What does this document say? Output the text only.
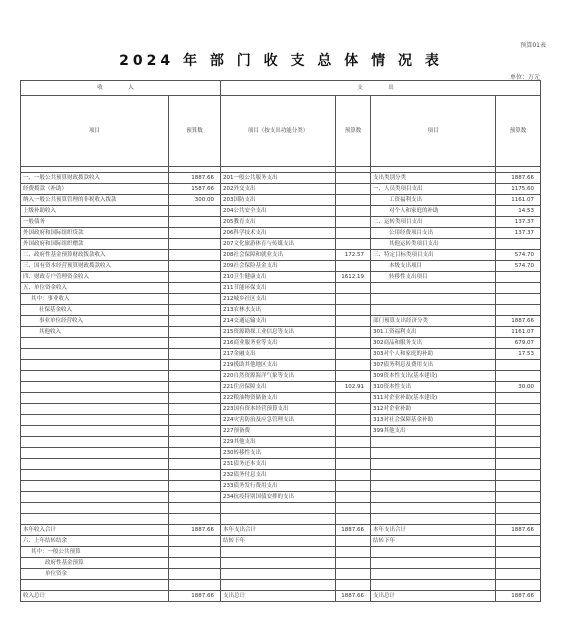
预算01表
2024 年 部 门 收 支 总 体 情 况 表
单位：万元
收　入		支　出			
项目	预算数	项目（按支出功能分类）	预算数	项目	预算数

一、一般公共预算财政拨款收入	1887.66	201一般公共服务支出		支出类别分类	1887.66
经费拨款（补助）	1587.66	202外交支出		一、人员类项目支出	1175.60
纳入一般公共预算管理的非税收入拨款	300.00	203国防支出		工资福利支出	1161.07
上级补助收入		204公共安全支出		对个人和家庭的补助	14.53
一般债务		205教育支出		二、运转类项目支出	137.37
外国政府和国际组织贷款		206科学技术支出		公用经费项目支出	137.37
外国政府和国际组织赠款		207文化旅游体育与传媒支出		其他运转类项目支出	
二、政府性基金预算财政拨款收入		208社会保障和就业支出	172.57	三、特定目标类项目支出	574.70
三、国有资本经营预算财政拨款收入		209社会保险基金支出		本级支出项目	574.70
四、财政专户管理资金收入		210卫生健康支出	1612.19	转移性支出项目	
五、单位资金收入		211节能环保支出			
其中：事业收入		212城乡社区支出			
社保基金收入		213农林水支出			
事业单位经营收入		214交通运输支出		部门预算支出经济分类	1887.66
其他收入		215资源勘探工业信息等支出		301工资福利支出	1161.07
		216商业服务业等支出		302商品和服务支出	679.07
		217金融支出		303对个人和家庭的补助	17.53
		219援助其他地区支出		307债务利息及费用支出	
		220自然资源海洋气象等支出		309资本性支出(基本建设)	
		221住房保障支出	102.91	310资本性支出	30.00
		222粮油物资储备支出		311对企业补助(基本建设)	
		223国有资本经营预算支出		312对企业补助	
		224灾害防治及应急管理支出		313对社会保障基金补助	
		227预备费		399其他支出	
		229其他支出			
		230转移性支出			
		231债务还本支出			
		232债务付息支出			
		233债务发行费用支出			
		234抗疫特别国债安排的支出			

本年收入合计	1887.66	本年支出合计	1887.66	本年支出合计	1887.66
六、上年结转结余		结转下年		结转下年	
其中：一般公共预算					
政府性基金预算					
单位资金					

收入总计	1887.66	支出总计	1887.66	支出总计	1887.66
